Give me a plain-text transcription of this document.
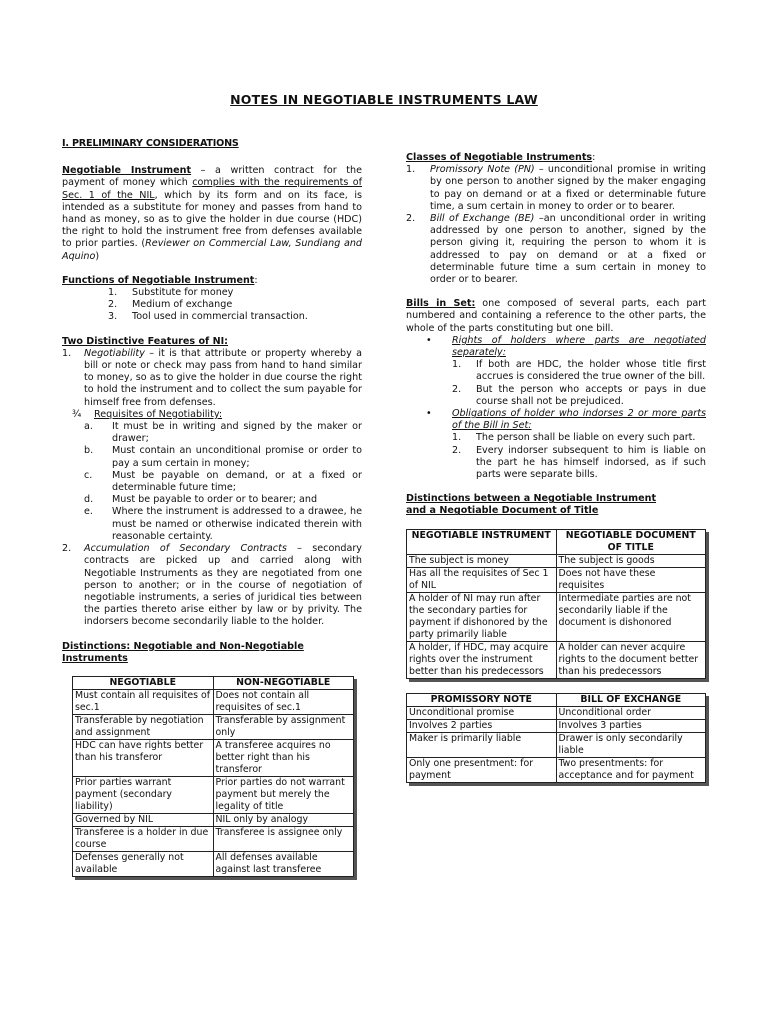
NOTES IN NEGOTIABLE INSTRUMENTS LAW
I. PRELIMINARY CONSIDERATIONS

Negotiable Instrument – a written contract for the payment of money which complies with the requirements of Sec. 1 of the NIL, which by its form and on its face, is intended as a substitute for money and passes from hand to hand as money, so as to give the holder in due course (HDC) the right to hold the instrument free from defenses available to prior parties. (Reviewer on Commercial Law, Sundiang and Aquino)

Functions of Negotiable Instrument:
1.	Substitute for money
2.	Medium of exchange
3.	Tool used in commercial transaction.
Two Distinctive Features of NI:
1.	Negotiability – it is that attribute or property whereby a bill or note or check may pass from hand to hand similar to money, so as to give the holder in due course the right to hold the instrument and to collect the sum payable for himself free from defenses.
¾	Requisites of Negotiability:
a.	It must be in writing and signed by the maker or drawer;
b.	Must contain an unconditional promise or order to pay a sum certain in money;
c.	Must be payable on demand, or at a fixed or determinable future time;
d.	Must be payable to order or to bearer; and
e.	Where the instrument is addressed to a drawee, he must be named or otherwise indicated therein with reasonable certainty.
2.	Accumulation of Secondary Contracts – secondary contracts are picked up and carried along with Negotiable Instruments as they are negotiated from one person to another; or in the course of negotiation of negotiable instruments, a series of juridical ties between the parties thereto arise either by law or by privity. The indorsers become secondarily liable to the holder.
Distinctions: Negotiable and Non-Negotiable Instruments
NEGOTIABLE	NON-NEGOTIABLE
Must contain all requisites of sec.1	Does not contain all requisites of sec.1
Transferable by negotiation and assignment	Transferable by assignment only
HDC can have rights better than his transferor	A transferee acquires no better right than his transferor
Prior parties warrant payment (secondary liability)	Prior parties do not warrant payment but merely the legality of title
Governed by NIL	NIL only by analogy
Transferee is a holder in due course	Transferee is assignee only
Defenses generally not available	All defenses available against last transferee
Classes of Negotiable Instruments:
1.	Promissory Note (PN) – unconditional promise in writing by one person to another signed by the maker engaging to pay on demand or at a fixed or determinable future time, a sum certain in money to order or to bearer.
2.	Bill of Exchange (BE) –an unconditional order in writing addressed by one person to another, signed by the person giving it, requiring the person to whom it is addressed to pay on demand or at a fixed or determinable future time a sum certain in money to order or to bearer.

Bills in Set: one composed of several parts, each part numbered and containing a reference to the other parts, the whole of the parts constituting but one bill.

•	Rights of holders where parts are negotiated separately:
1.	If both are HDC, the holder whose title first accrues is considered the true owner of the bill.
2.	But the person who accepts or pays in due course shall not be prejudiced.
•	Obligations of holder who indorses 2 or more parts of the Bill in Set:
1.	The person shall be liable on every such part.
2.	Every indorser subsequent to him is liable on the part he has himself indorsed, as if such parts were separate bills.
Distinctions between a Negotiable Instrument and a Negotiable Document of Title
NEGOTIABLE INSTRUMENT	NEGOTIABLE DOCUMENT OF TITLE
The subject is money	The subject is goods
Has all the requisites of Sec 1 of NIL	Does not have these requisites
A holder of NI may run after the secondary parties for payment if dishonored by the party primarily liable	Intermediate parties are not secondarily liable if the document is dishonored
A holder, if HDC, may acquire rights over the instrument better than his predecessors	A holder can never acquire rights to the document better than his predecessors
PROMISSORY NOTE	BILL OF EXCHANGE
Unconditional promise	Unconditional order
Involves 2 parties	Involves 3 parties
Maker is primarily liable	Drawer is only secondarily liable
Only one presentment: for payment	Two presentments: for acceptance and for payment
